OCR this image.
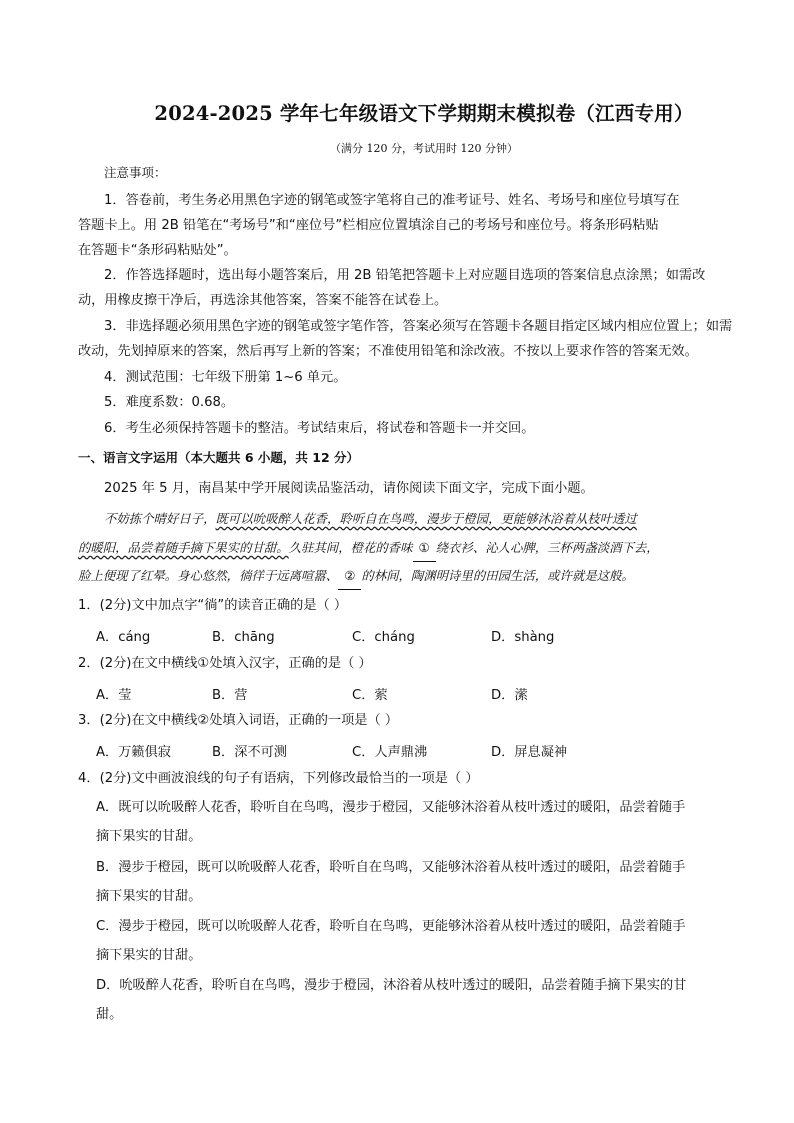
2024-2025 学年七年级语文下学期期末模拟卷（江西专用）
（满分 120 分，考试用时 120 分钟）
注意事项：
1．答卷前，考生务必用黑色字迹的钢笔或签字笔将自己的准考证号、姓名、考场号和座位号填写在
答题卡上。用 2B 铅笔在“考场号”和“座位号”栏相应位置填涂自己的考场号和座位号。将条形码粘贴
在答题卡“条形码粘贴处”。
2．作答选择题时，选出每小题答案后，用 2B 铅笔把答题卡上对应题目选项的答案信息点涂黑；如需改
动，用橡皮擦干净后，再选涂其他答案，答案不能答在试卷上。
3．非选择题必须用黑色字迹的钢笔或签字笔作答，答案必须写在答题卡各题目指定区域内相应位置上；如需
改动，先划掉原来的答案，然后再写上新的答案；不准使用铅笔和涂改液。不按以上要求作答的答案无效。
4．测试范围：七年级下册第 1~6 单元。
5．难度系数：0.68。
6．考生必须保持答题卡的整洁。考试结束后，将试卷和答题卡一并交回。
一、语言文字运用（本大题共 6 小题，共 12 分）
2025 年 5 月，南昌某中学开展阅读品鉴活动，请你阅读下面文字，完成下面小题。
不妨拣个晴好日子，既可以吮吸醉人花香，聆听自在鸟鸣，漫步于橙园，更能够沐浴着从枝叶透过
的暖阳，品尝着随手摘下果实的甘甜。久驻其间，橙花的香味 ① 绕衣衫、沁人心脾，三杯两盏淡酒下去，
脸上便现了红晕。身心悠然，徜徉于远离喧嚣、 ② 的林间，陶渊明诗里的田园生活，或许就是这般。
1．(2分)文中加点字“徜”的读音正确的是（ ）
A．cáng	B．chāng	C．cháng	D．shàng
2．(2分)在文中横线①处填入汉字，正确的是（ ）
A．莹	B．营	C．萦	D．潆
3．(2分)在文中横线②处填入词语，正确的一项是（ ）
A．万籁俱寂	B．深不可测	C．人声鼎沸	D．屏息凝神
4．(2分)文中画波浪线的句子有语病，下列修改最恰当的一项是（ ）
A．既可以吮吸醉人花香，聆听自在鸟鸣，漫步于橙园，又能够沐浴着从枝叶透过的暖阳，品尝着随手
摘下果实的甘甜。
B．漫步于橙园，既可以吮吸醉人花香，聆听自在鸟鸣，又能够沐浴着从枝叶透过的暖阳，品尝着随手
摘下果实的甘甜。
C．漫步于橙园，既可以吮吸醉人花香，聆听自在鸟鸣，更能够沐浴着从枝叶透过的暖阳，品尝着随手
摘下果实的甘甜。
D．吮吸醉人花香，聆听自在鸟鸣，漫步于橙园，沐浴着从枝叶透过的暖阳，品尝着随手摘下果实的甘
甜。
